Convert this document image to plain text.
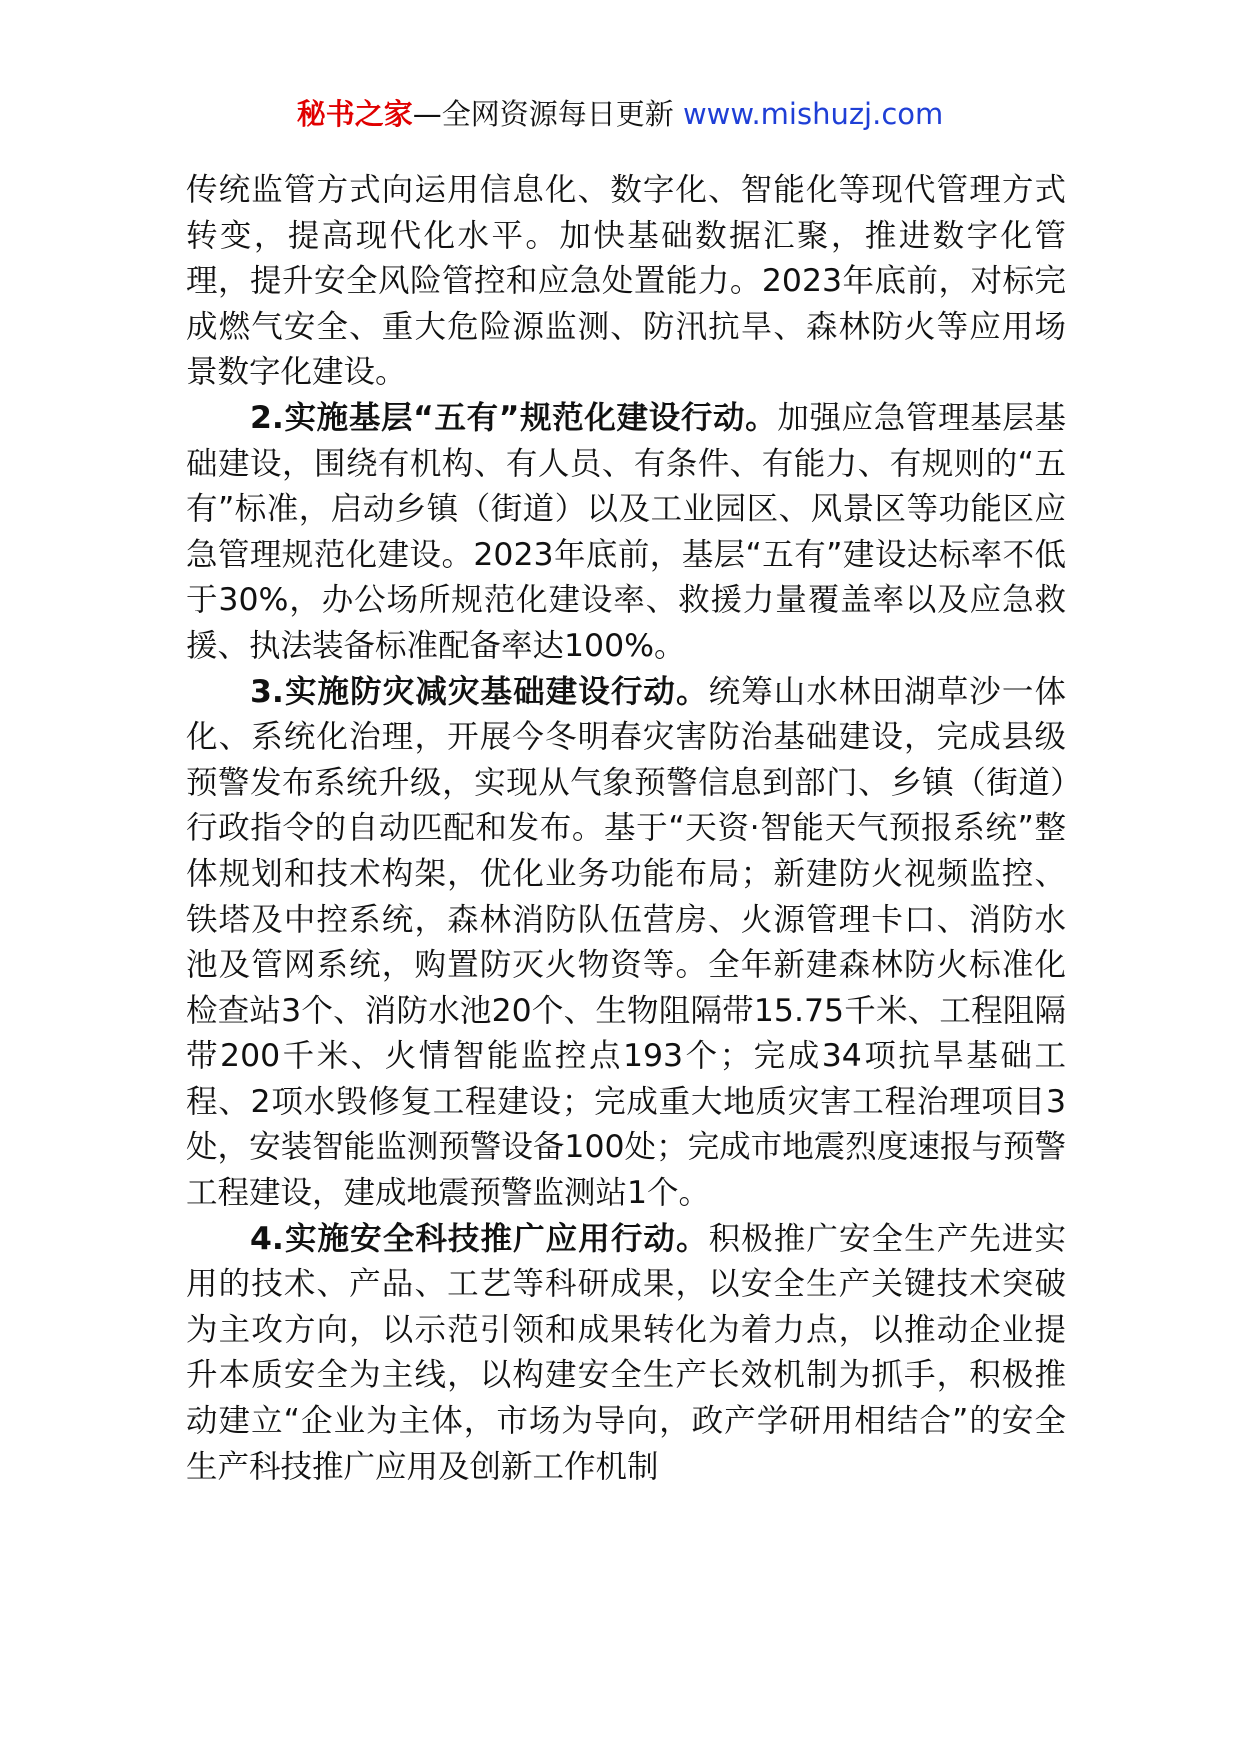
秘书之家—全网资源每日更新 www.mishuzj.com

传统监管方式向运用信息化、数字化、智能化等现代管理方式转变，提高现代化水平。加快基础数据汇聚，推进数字化管理，提升安全风险管控和应急处置能力。2023年底前，对标完成燃气安全、重大危险源监测、防汛抗旱、森林防火等应用场景数字化建设。

2.实施基层“五有”规范化建设行动。加强应急管理基层基础建设，围绕有机构、有人员、有条件、有能力、有规则的“五有”标准，启动乡镇（街道）以及工业园区、风景区等功能区应急管理规范化建设。2023年底前，基层“五有”建设达标率不低于30%，办公场所规范化建设率、救援力量覆盖率以及应急救援、执法装备标准配备率达100%。

3.实施防灾减灾基础建设行动。统筹山水林田湖草沙一体化、系统化治理，开展今冬明春灾害防治基础建设，完成县级预警发布系统升级，实现从气象预警信息到部门、乡镇（街道）行政指令的自动匹配和发布。基于“天资·智能天气预报系统”整体规划和技术构架，优化业务功能布局；新建防火视频监控、铁塔及中控系统，森林消防队伍营房、火源管理卡口、消防水池及管网系统，购置防灭火物资等。全年新建森林防火标准化检查站3个、消防水池20个、生物阻隔带15.75千米、工程阻隔带200千米、火情智能监控点193个；完成34项抗旱基础工程、2项水毁修复工程建设；完成重大地质灾害工程治理项目3处，安装智能监测预警设备100处；完成市地震烈度速报与预警工程建设，建成地震预警监测站1个。

4.实施安全科技推广应用行动。积极推广安全生产先进实用的技术、产品、工艺等科研成果，以安全生产关键技术突破为主攻方向，以示范引领和成果转化为着力点，以推动企业提升本质安全为主线，以构建安全生产长效机制为抓手，积极推动建立“企业为主体，市场为导向，政产学研用相结合”的安全生产科技推广应用及创新工作机制
